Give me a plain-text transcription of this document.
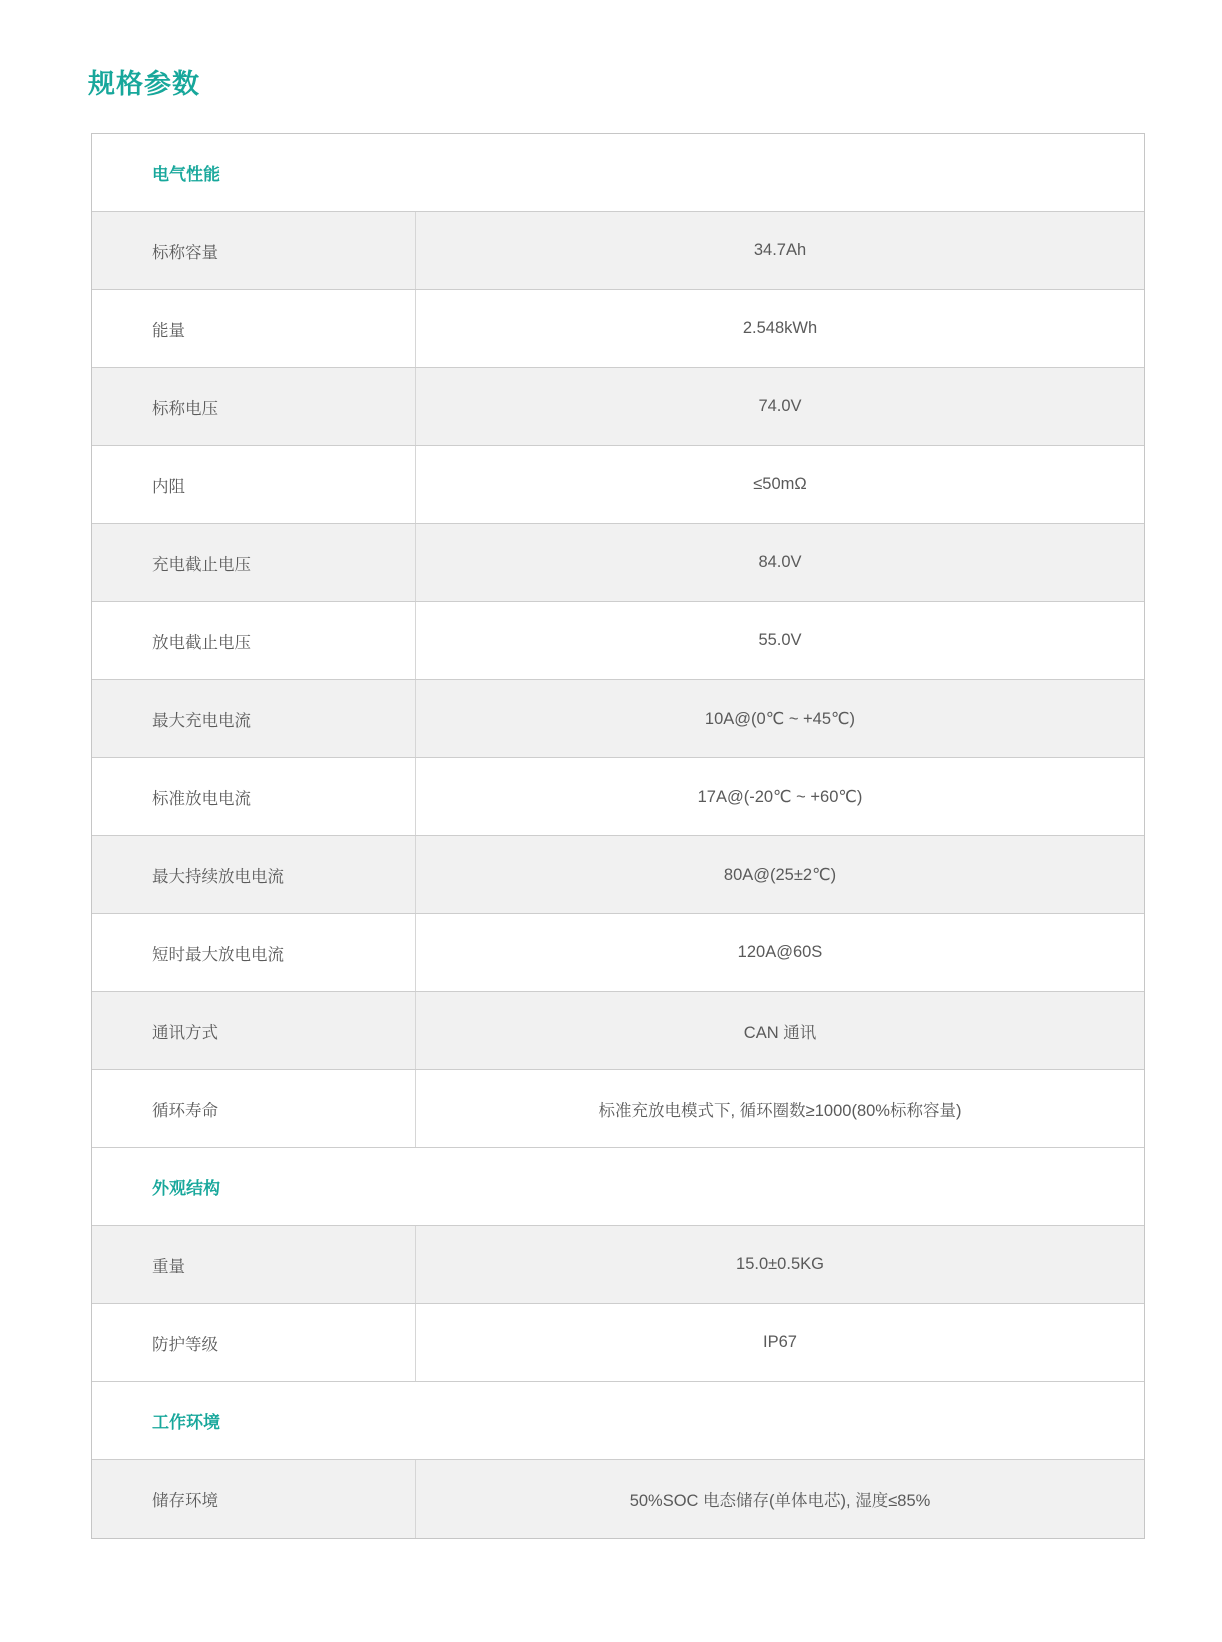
规格参数
电气性能
标称容量	34.7Ah
能量	2.548kWh
标称电压	74.0V
内阻	≤50mΩ
充电截止电压	84.0V
放电截止电压	55.0V
最大充电电流	10A@(0℃ ~ +45℃)
标准放电电流	17A@(-20℃ ~ +60℃)
最大持续放电电流	80A@(25±2℃)
短时最大放电电流	120A@60S
通讯方式	CAN 通讯
循环寿命	标准充放电模式下, 循环圈数≥1000(80%标称容量)
外观结构
重量	15.0±0.5KG
防护等级	IP67
工作环境
储存环境	50%SOC 电态储存(单体电芯), 湿度≤85%
